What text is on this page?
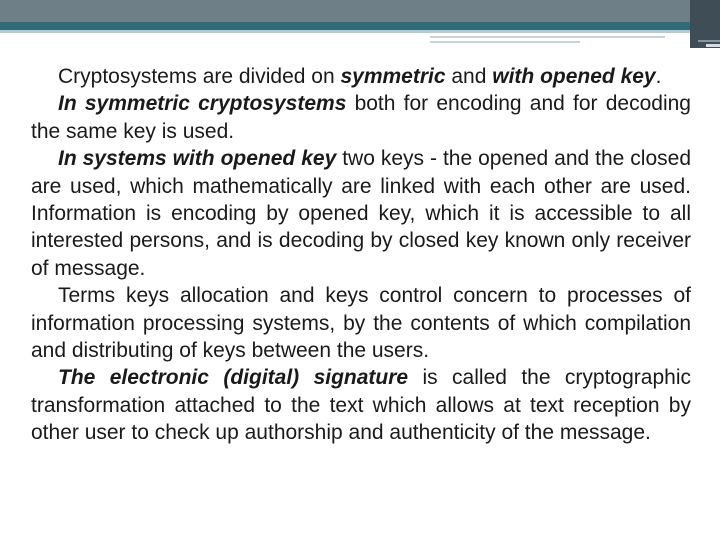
Cryptosystems are divided on symmetric and with opened key.

In symmetric cryptosystems both for encoding and for decoding the same key is used.

In systems with opened key two keys - the opened and the closed are used, which mathematically are linked with each other are used. Information is encoding by opened key, which it is accessible to all interested persons, and is decoding by closed key known only receiver of message.

Terms keys allocation and keys control concern to processes of information processing systems, by the contents of which compilation and distributing of keys between the users.

The electronic (digital) signature is called the cryptographic transformation attached to the text which allows at text reception by other user to check up authorship and authenticity of the message.
